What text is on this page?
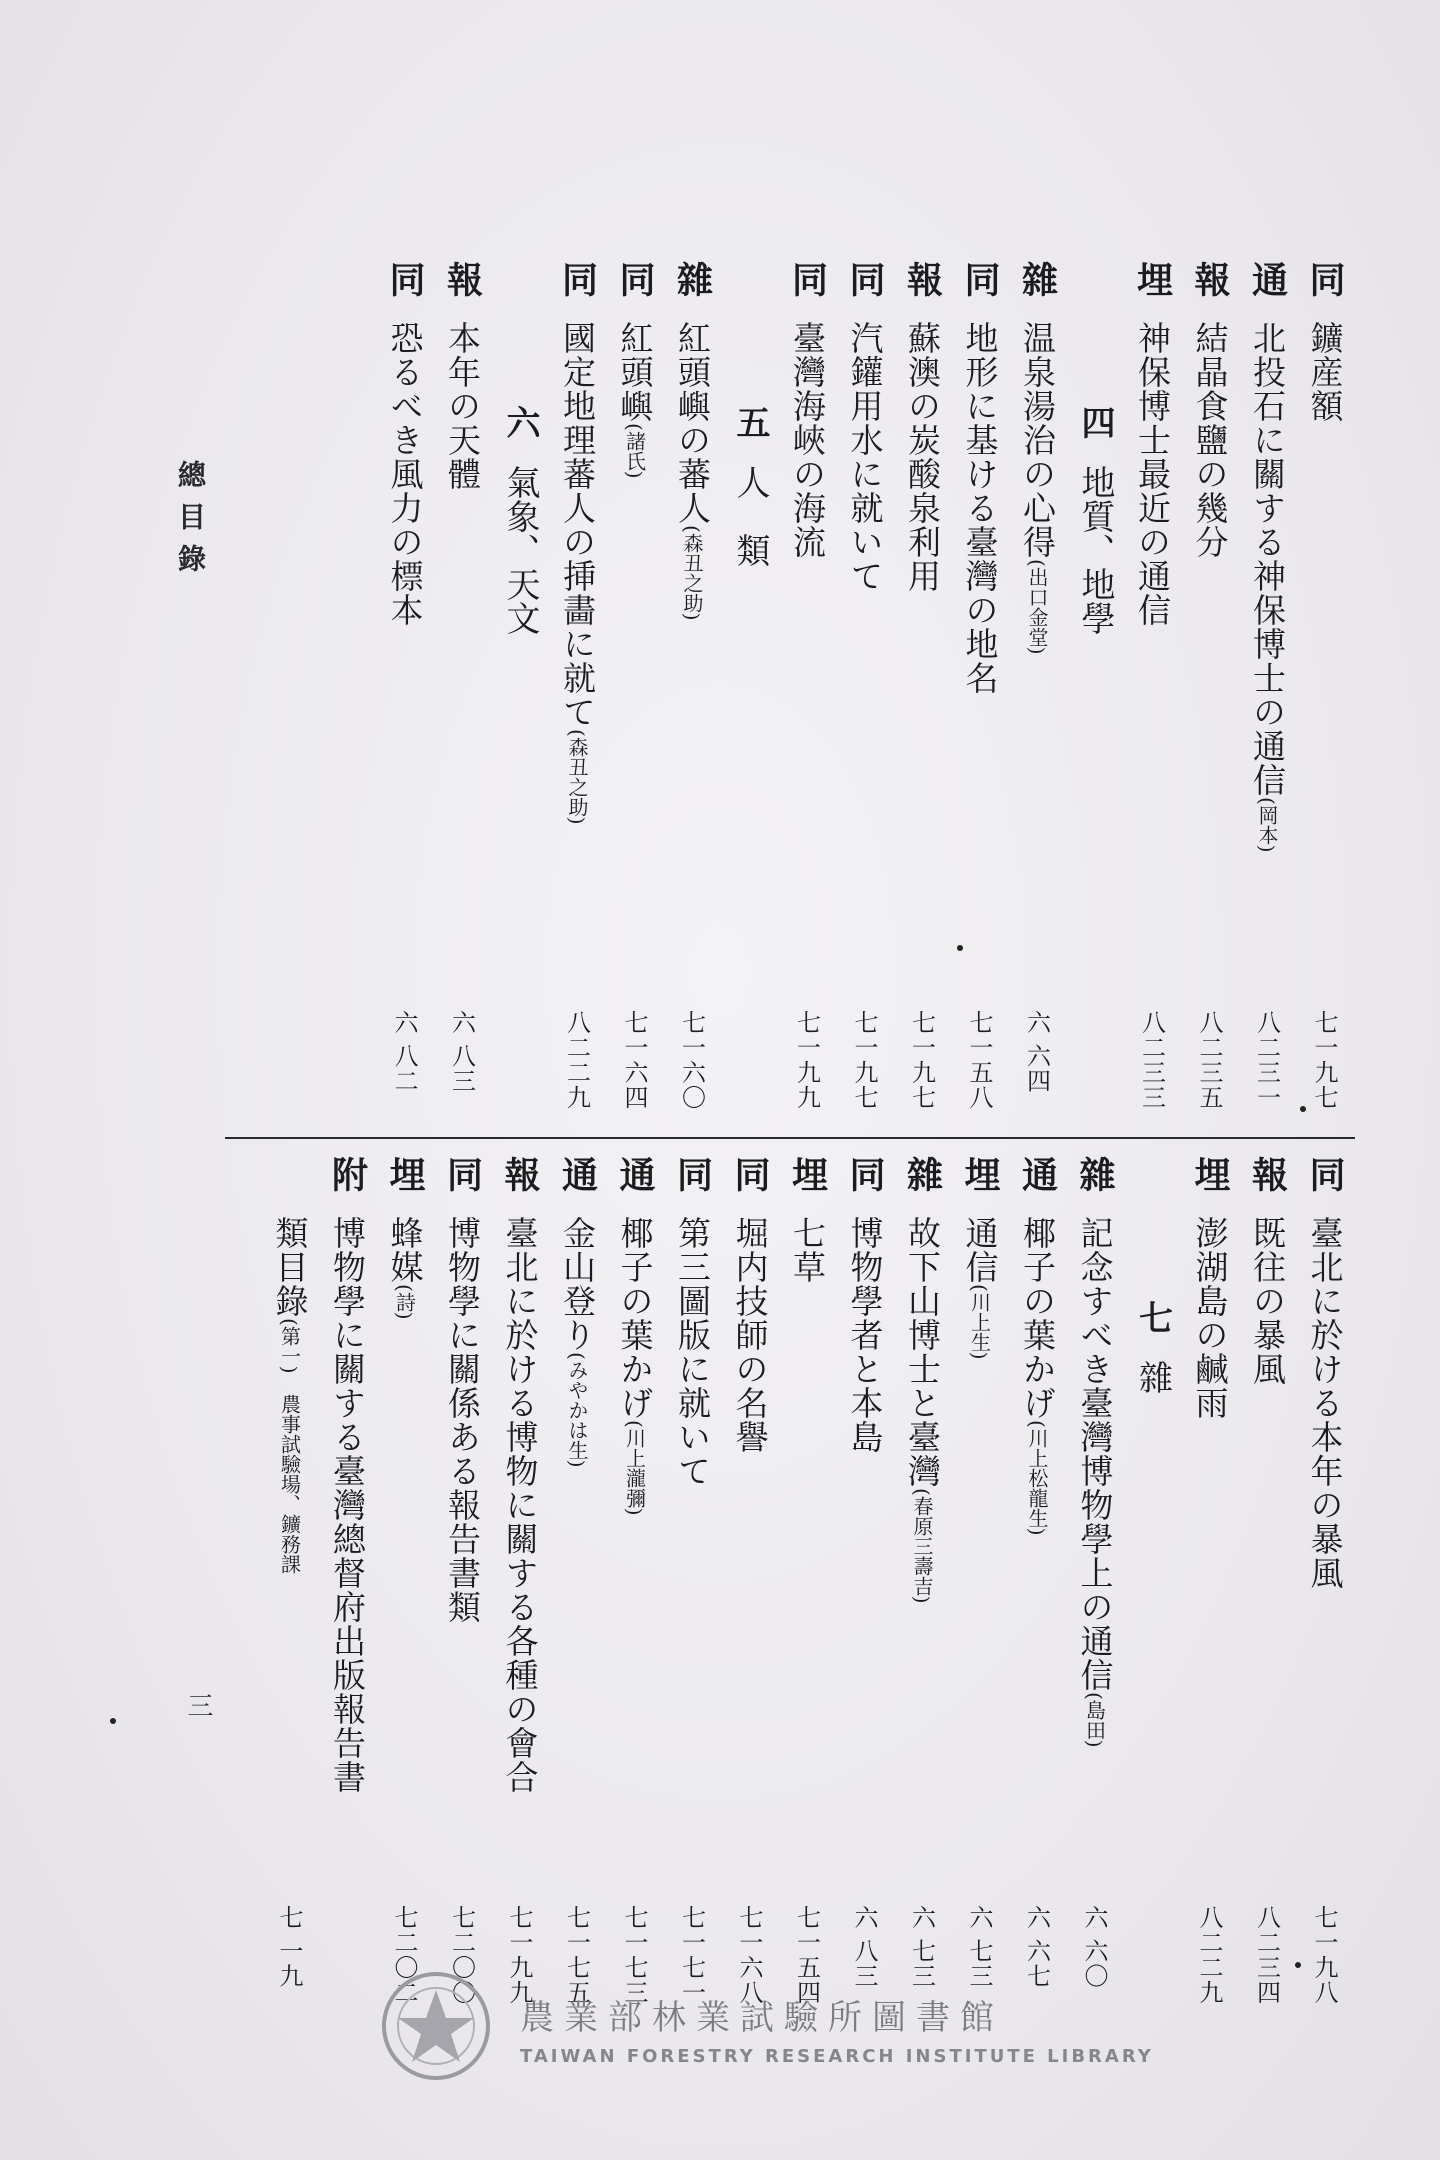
總目錄
三
同
鑛産額
七一九七
通
北投石に關する神保博士の通信(岡本)
八二三一
報
結晶食鹽の幾分
八二三五
埋
神保博士最近の通信
八二三三
四
地質、地學
雜
温泉湯治の心得(出口金堂)
六 六四
同
地形に基ける臺灣の地名
七一五八
報
蘇澳の炭酸泉利用
七一九七
同
汽鑵用水に就いて
七一九七
同
臺灣海峽の海流
七一九九
五
人　類
雜
紅頭嶼の蕃人(森丑之助)
七一六〇
同
紅頭嶼(諸氏)
七一六四
同
國定地理蕃人の挿畵に就て(森丑之助)
八二二九
六
氣象、天文
報
本年の天體
六 八三
同
恐るべき風力の標本
六 八二
同
臺北に於ける本年の暴風
七一九八
報
既往の暴風
八二三四
埋
澎湖島の鹹雨
八二二九
七
雜
雜
記念すべき臺灣博物學上の通信(島田)
六 六〇
通
椰子の葉かげ(川上松龍生)
六 六七
埋
通信(川上生)
六 七三
雜
故下山博士と臺灣(春原三壽吉)
六 七三
同
博物學者と本島
六 八三
埋
七草
七一五四
同
堀内技師の名譽
七一六八
同
第三圖版に就いて
七一七一
通
椰子の葉かげ(川上瀧彌)
七一七三
通
金山登り(みやかは生)
七一七五
報
臺北に於ける博物に關する各種の會合
七一九九
同
博物學に關係ある報告書類
七二〇〇
埋
蜂媒(詩)
七二〇二
附
博物學に關する臺灣總督府出版報告書
類目錄(第一)農事試驗場、鑛務課
七 一九
農業部林業試驗所圖書館
TAIWAN FORESTRY RESEARCH INSTITUTE LIBRARY
